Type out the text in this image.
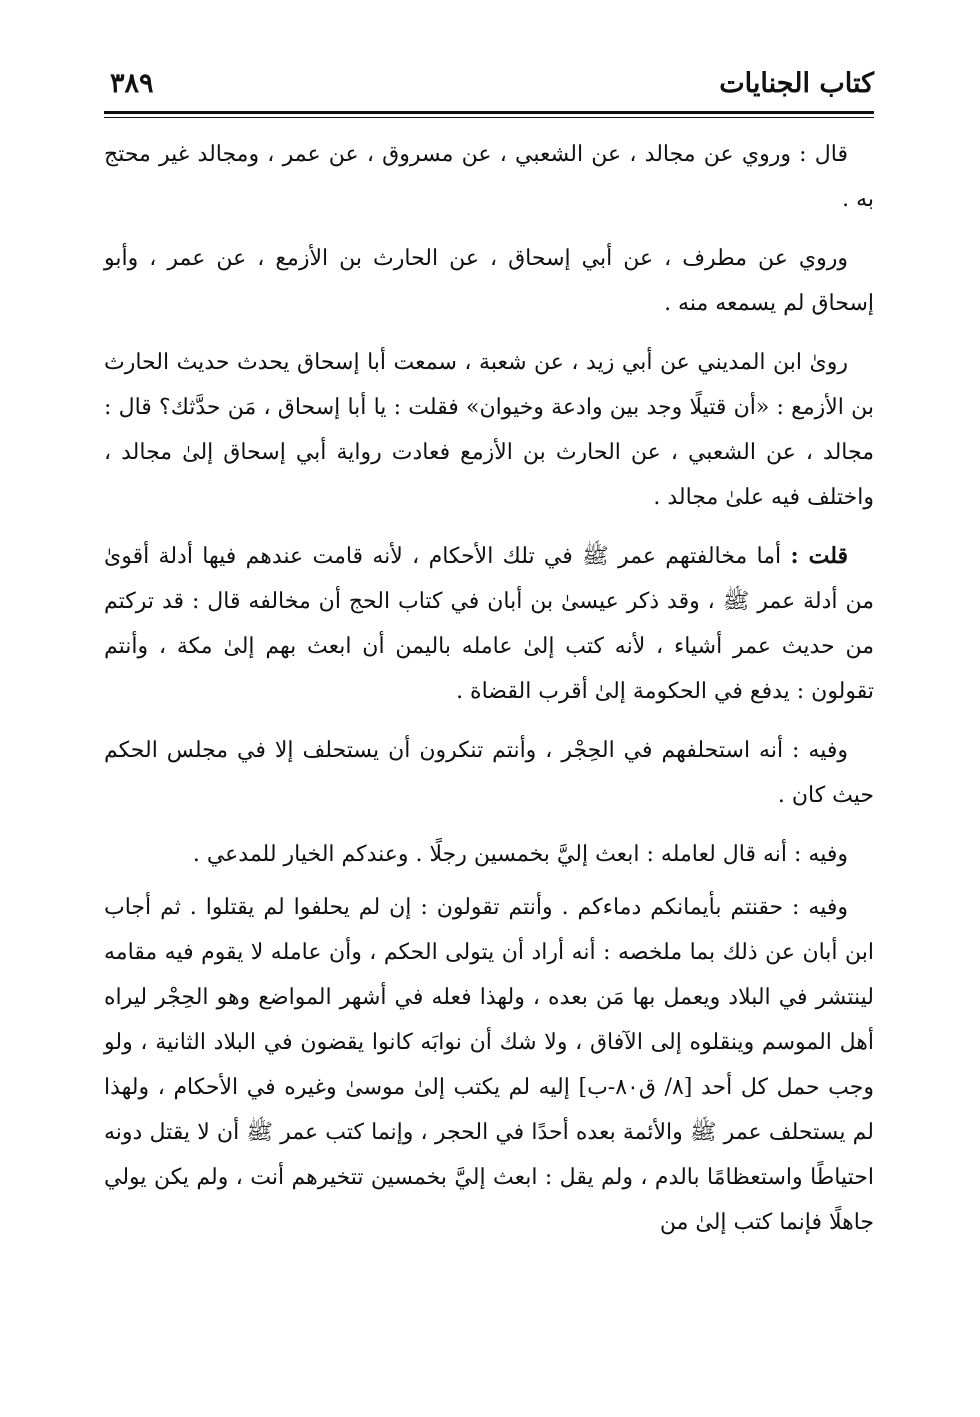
كتاب الجنايات
٣٨٩

قال : وروي عن مجالد ، عن الشعبي ، عن مسروق ، عن عمر ، ومجالد غير محتج به .

وروي عن مطرف ، عن أبي إسحاق ، عن الحارث بن الأزمع ، عن عمر ، وأبو إسحاق لم يسمعه منه .

روىٰ ابن المديني عن أبي زيد ، عن شعبة ، سمعت أبا إسحاق يحدث حديث الحارث بن الأزمع : «أن قتيلًا وجد بين وادعة وخيوان» فقلت : يا أبا إسحاق ، مَن حدَّثك؟ قال : مجالد ، عن الشعبي ، عن الحارث بن الأزمع فعادت رواية أبي إسحاق إلىٰ مجالد ، واختلف فيه علىٰ مجالد .

قلت : أما مخالفتهم عمر ﷺ في تلك الأحكام ، لأنه قامت عندهم فيها أدلة أقوىٰ من أدلة عمر ﷺ ، وقد ذكر عيسىٰ بن أبان في كتاب الحج أن مخالفه قال : قد تركتم من حديث عمر أشياء ، لأنه كتب إلىٰ عامله باليمن أن ابعث بهم إلىٰ مكة ، وأنتم تقولون : يدفع في الحكومة إلىٰ أقرب القضاة .

وفيه : أنه استحلفهم في الحِجْر ، وأنتم تنكرون أن يستحلف إلا في مجلس الحكم حيث كان .

وفيه : أنه قال لعامله : ابعث إليَّ بخمسين رجلًا . وعندكم الخيار للمدعي .

وفيه : حقنتم بأيمانكم دماءكم . وأنتم تقولون : إن لم يحلفوا لم يقتلوا . ثم أجاب ابن أبان عن ذلك بما ملخصه : أنه أراد أن يتولى الحكم ، وأن عامله لا يقوم فيه مقامه لينتشر في البلاد ويعمل بها مَن بعده ، ولهذا فعله في أشهر المواضع وهو الحِجْر ليراه أهل الموسم وينقلوه إلى الآفاق ، ولا شك أن نوابَه كانوا يقضون في البلاد الثانية ، ولو وجب حمل كل أحد [٨/ ق٨٠-ب] إليه لم يكتب إلىٰ موسىٰ وغيره في الأحكام ، ولهذا لم يستحلف عمر ﷺ والأئمة بعده أحدًا في الحجر ، وإنما كتب عمر ﷺ أن لا يقتل دونه احتياطًا واستعظامًا بالدم ، ولم يقل : ابعث إليَّ بخمسين تتخيرهم أنت ، ولم يكن يولي جاهلًا فإنما كتب إلىٰ من
